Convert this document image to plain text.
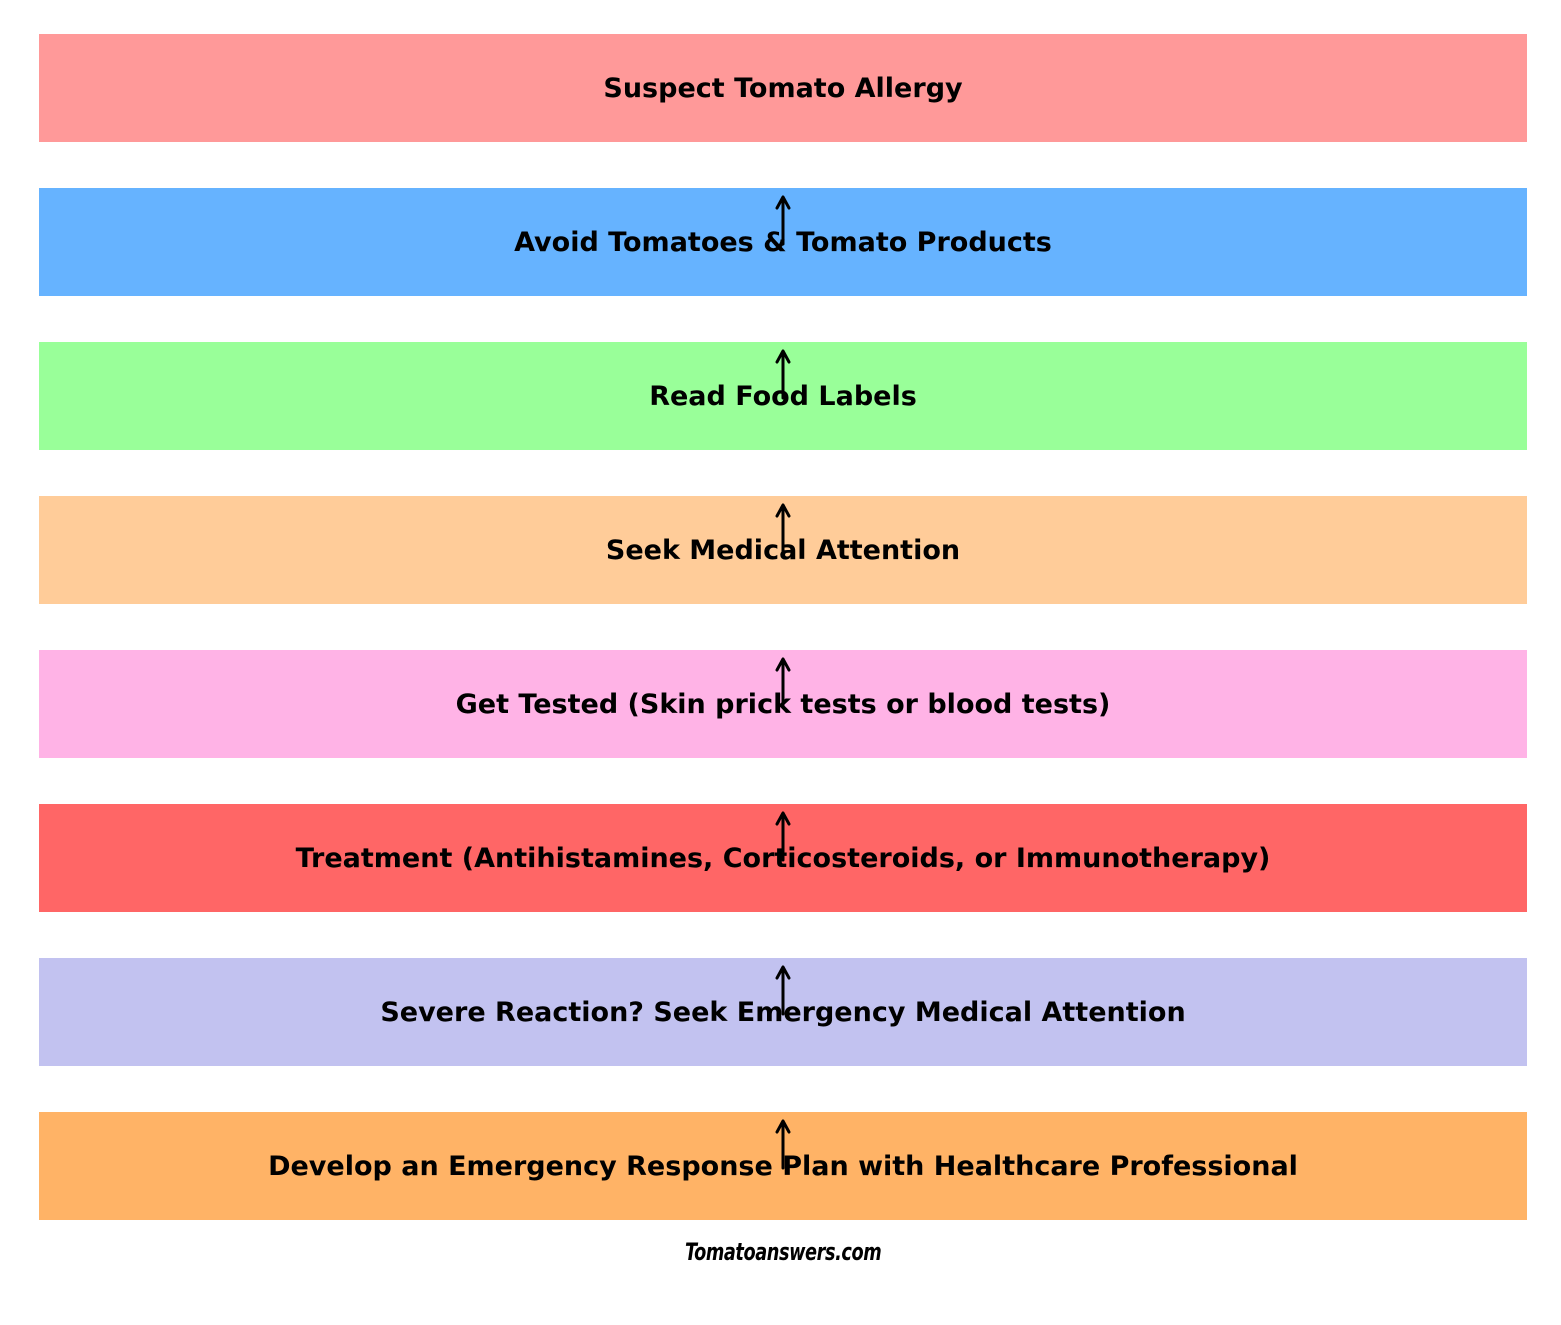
Suspect Tomato Allergy
Avoid Tomatoes & Tomato Products
Read Food Labels
Seek Medical Attention
Get Tested (Skin prick tests or blood tests)
Treatment (Antihistamines, Corticosteroids, or Immunotherapy)
Severe Reaction? Seek Emergency Medical Attention
Develop an Emergency Response Plan with Healthcare Professional
Tomatoanswers.com
